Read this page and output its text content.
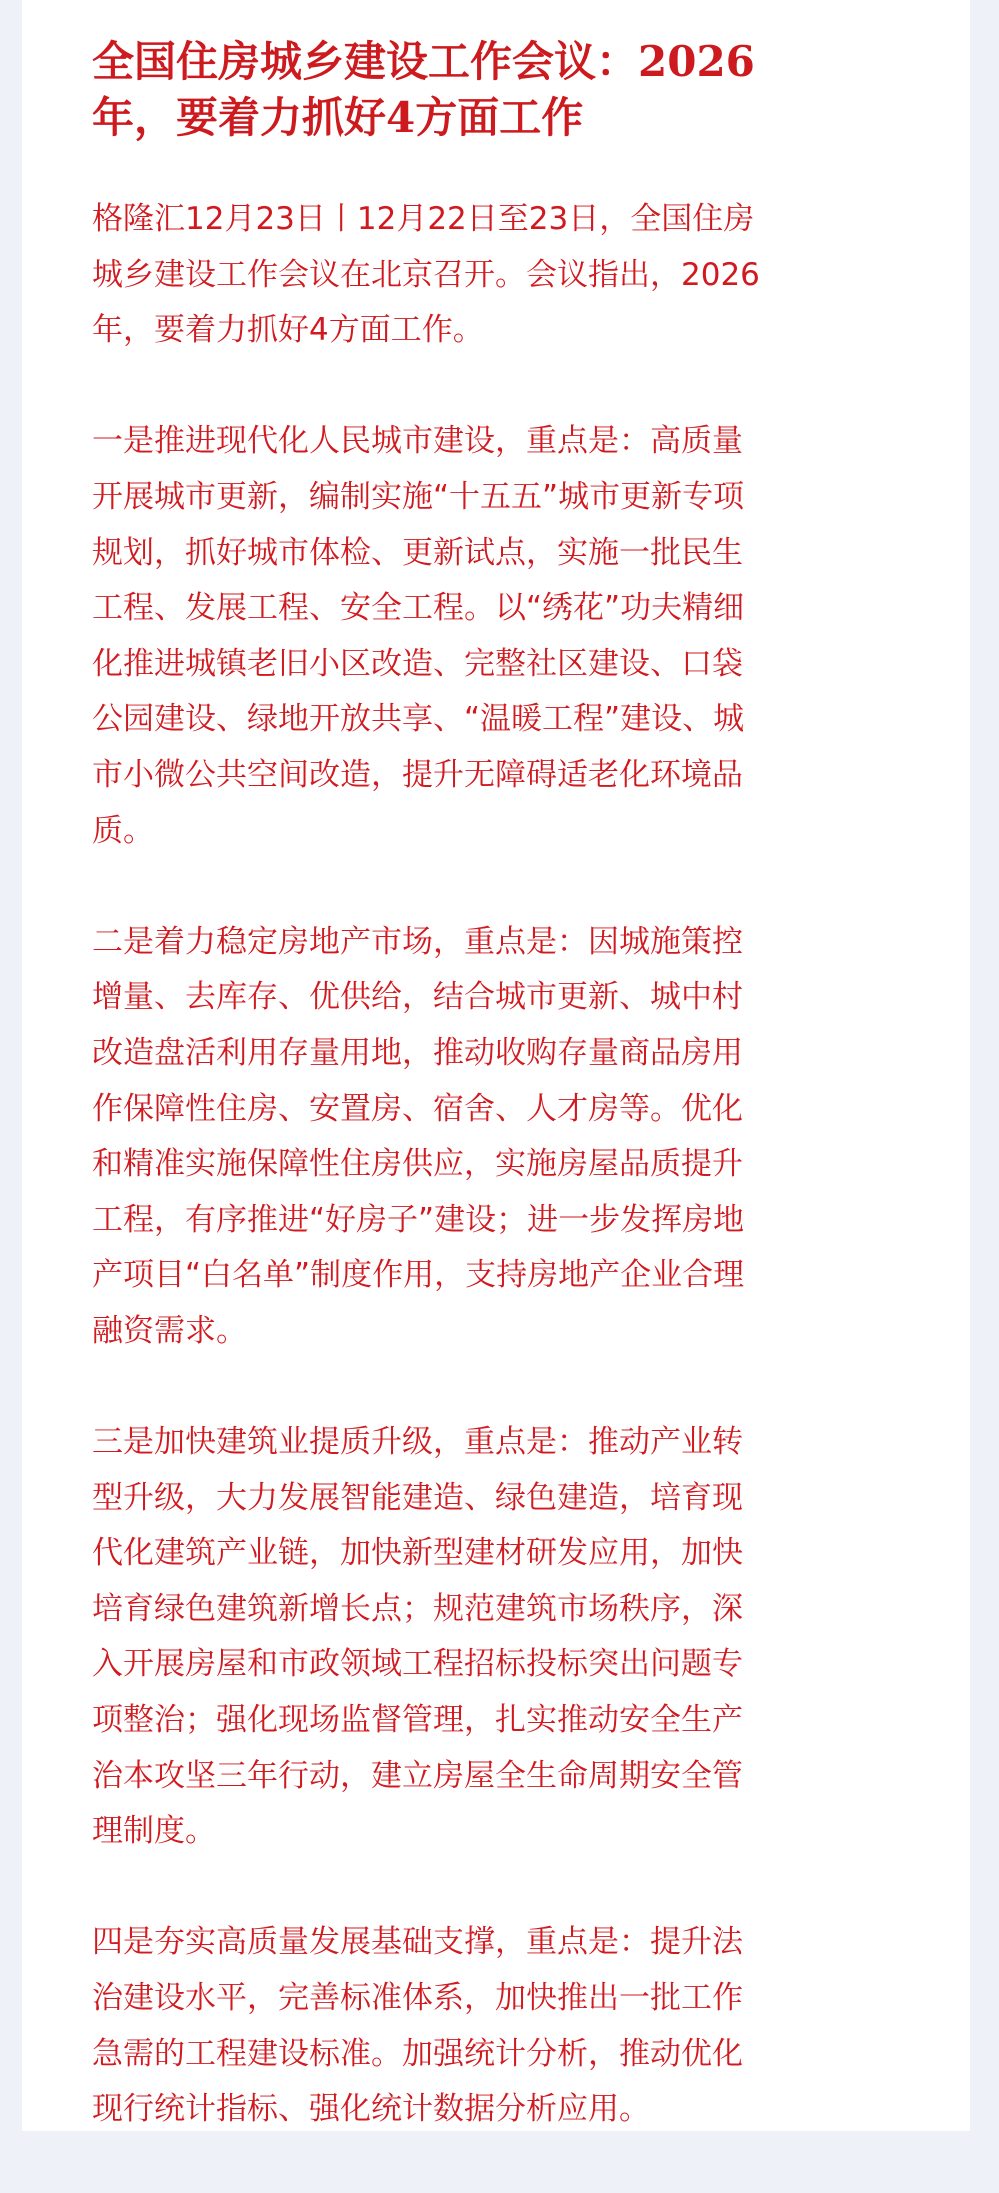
全国住房城乡建设工作会议：2026
年，要着力抓好4方面工作
格隆汇12月23日丨12月22日至23日，全国住房
城乡建设工作会议在北京召开。会议指出，2026
年，要着力抓好4方面工作。
一是推进现代化人民城市建设，重点是：高质量
开展城市更新，编制实施“十五五”城市更新专项
规划，抓好城市体检、更新试点，实施一批民生
工程、发展工程、安全工程。以“绣花”功夫精细
化推进城镇老旧小区改造、完整社区建设、口袋
公园建设、绿地开放共享、“温暖工程”建设、城
市小微公共空间改造，提升无障碍适老化环境品
质。
二是着力稳定房地产市场，重点是：因城施策控
增量、去库存、优供给，结合城市更新、城中村
改造盘活利用存量用地，推动收购存量商品房用
作保障性住房、安置房、宿舍、人才房等。优化
和精准实施保障性住房供应，实施房屋品质提升
工程，有序推进“好房子”建设；进一步发挥房地
产项目“白名单”制度作用，支持房地产企业合理
融资需求。
三是加快建筑业提质升级，重点是：推动产业转
型升级，大力发展智能建造、绿色建造，培育现
代化建筑产业链，加快新型建材研发应用，加快
培育绿色建筑新增长点；规范建筑市场秩序，深
入开展房屋和市政领域工程招标投标突出问题专
项整治；强化现场监督管理，扎实推动安全生产
治本攻坚三年行动，建立房屋全生命周期安全管
理制度。
四是夯实高质量发展基础支撑，重点是：提升法
治建设水平，完善标准体系，加快推出一批工作
急需的工程建设标准。加强统计分析，推动优化
现行统计指标、强化统计数据分析应用。
